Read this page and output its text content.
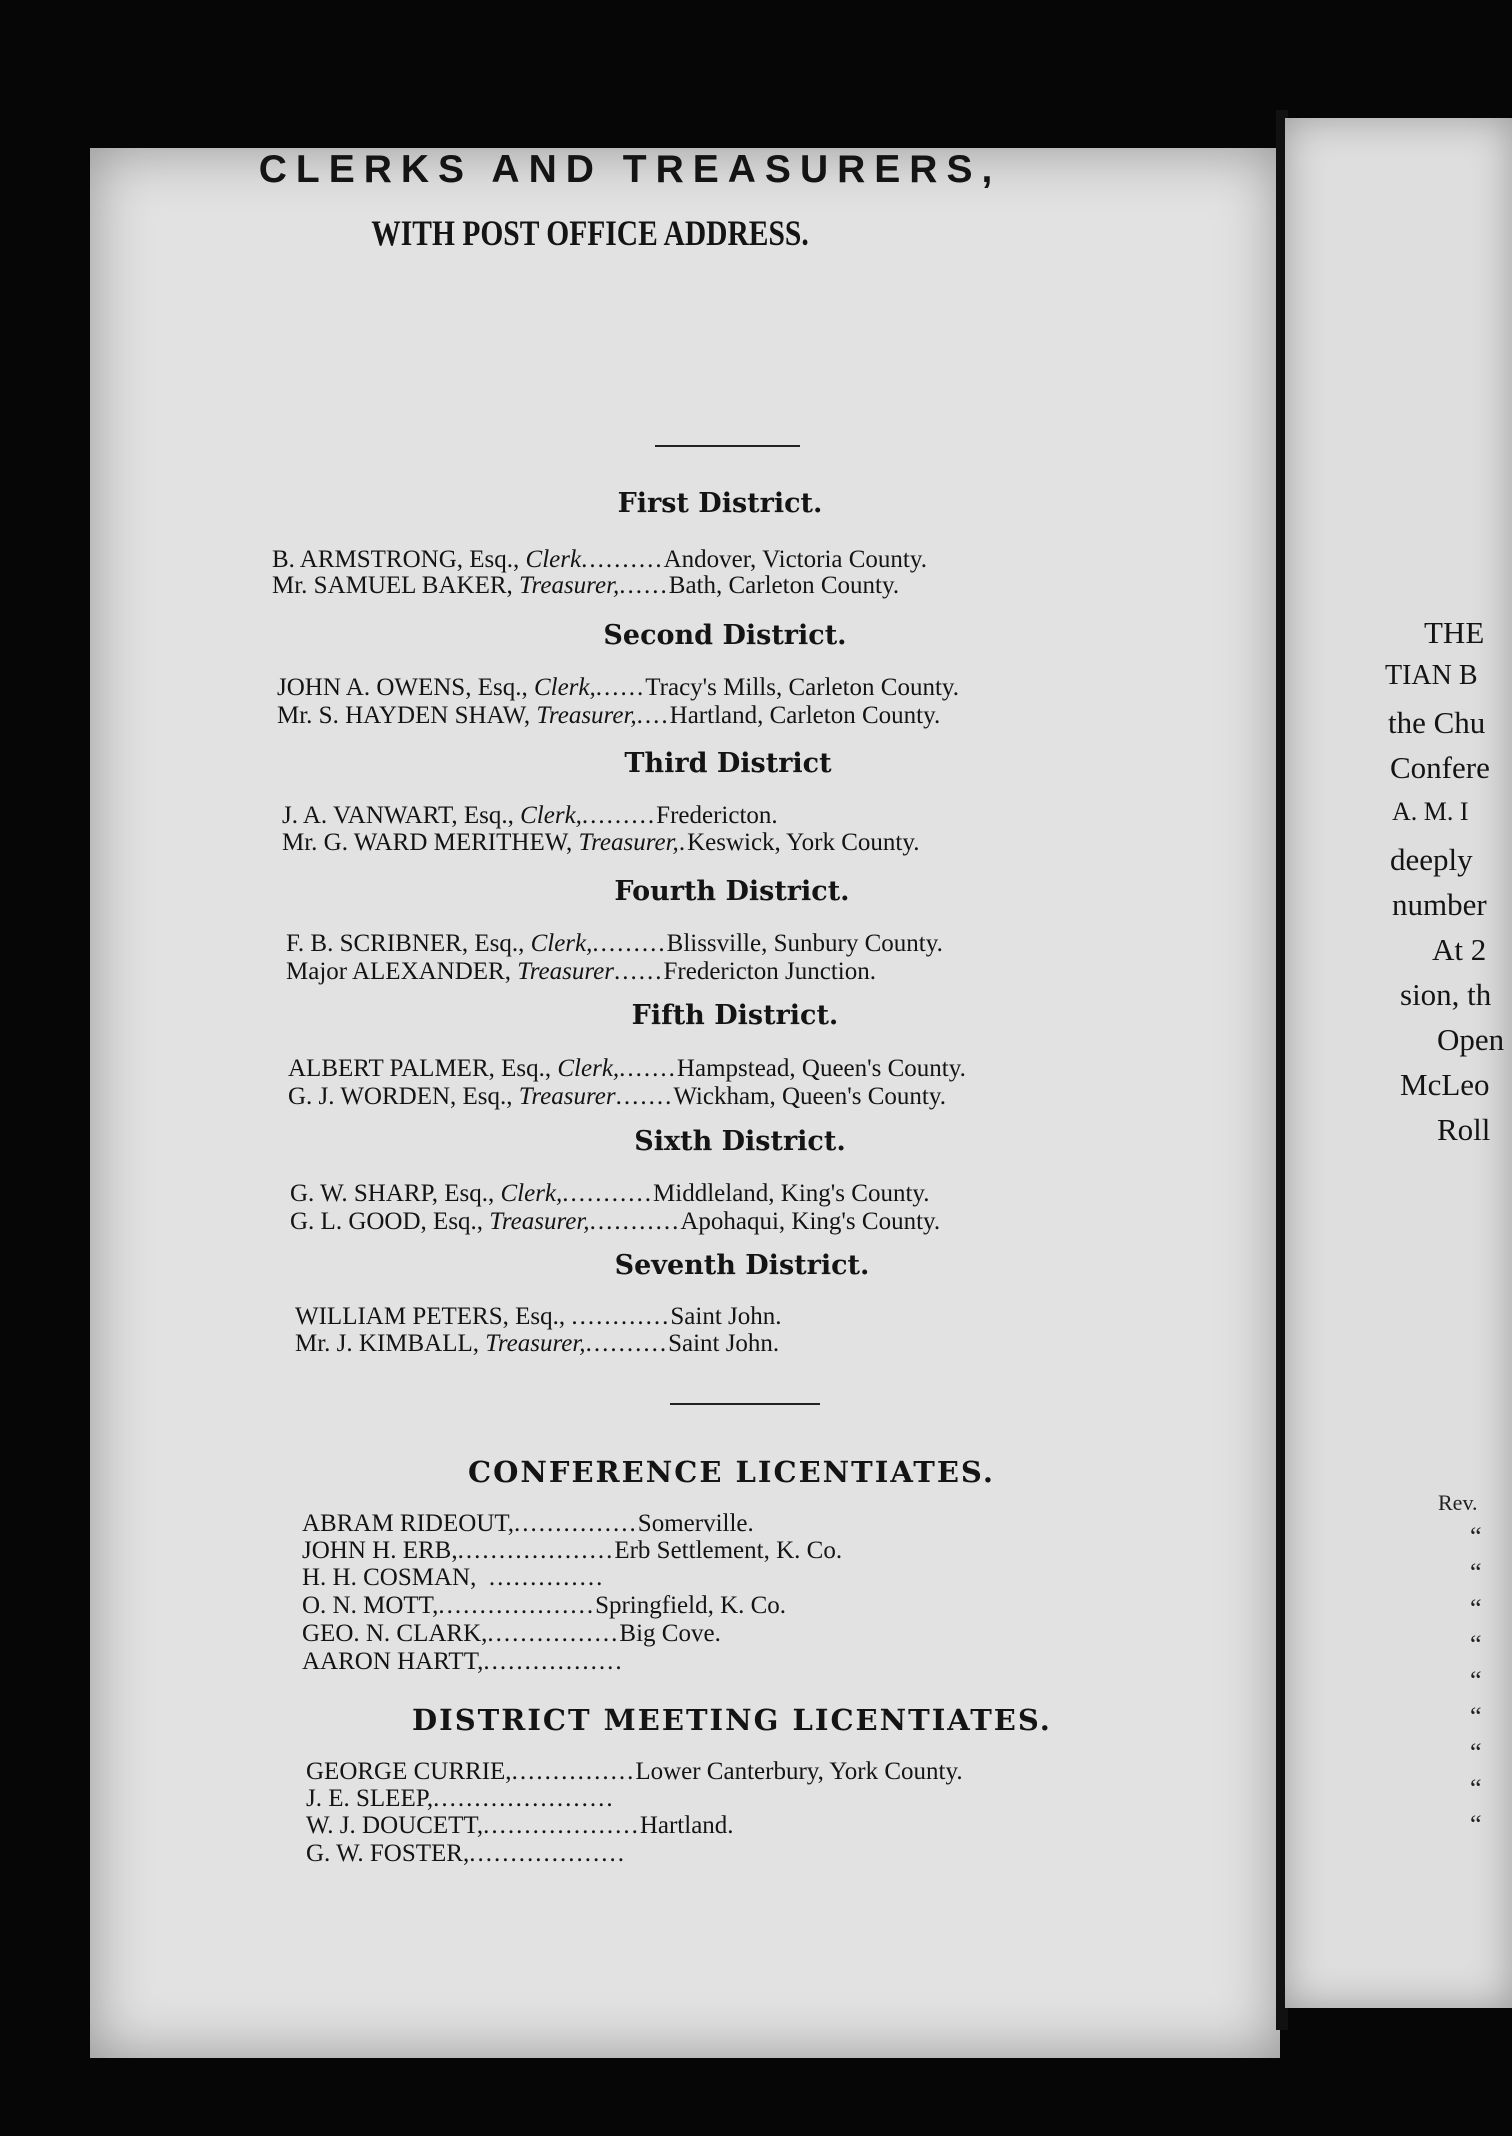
CLERKS AND TREASURERS,
WITH POST OFFICE ADDRESS.
First District.
B. ARMSTRONG, Esq., Clerk..........Andover, Victoria County.
Mr. SAMUEL BAKER, Treasurer,......Bath, Carleton County.
Second District.
JOHN A. OWENS, Esq., Clerk,......Tracy's Mills, Carleton County.
Mr. S. HAYDEN SHAW, Treasurer,....Hartland, Carleton County.
Third District
J. A. VANWART, Esq., Clerk,.........Fredericton.
Mr. G. WARD MERITHEW, Treasurer,.Keswick, York County.
Fourth District.
F. B. SCRIBNER, Esq., Clerk,.........Blissville, Sunbury County.
Major ALEXANDER, Treasurer......Fredericton Junction.
Fifth District.
ALBERT PALMER, Esq., Clerk,.......Hampstead, Queen's County.
G. J. WORDEN, Esq., Treasurer.......Wickham, Queen's County.
Sixth District.
G. W. SHARP, Esq., Clerk,...........Middleland, King's County.
G. L. GOOD, Esq., Treasurer,...........Apohaqui, King's County.
Seventh District.
WILLIAM PETERS, Esq., ............Saint John.
Mr. J. KIMBALL, Treasurer,..........Saint John.
CONFERENCE LICENTIATES.
ABRAM RIDEOUT,...............Somerville.
JOHN H. ERB,...................Erb Settlement, K. Co.
H. H. COSMAN, ..............
O. N. MOTT,...................Springfield, K. Co.
GEO. N. CLARK,................Big Cove.
AARON HARTT,.................
DISTRICT MEETING LICENTIATES.
GEORGE CURRIE,...............Lower Canterbury, York County.
J. E. SLEEP,......................
W. J. DOUCETT,...................Hartland.
G. W. FOSTER,...................
THE
TIAN B
the Chu
Confere
A. M. I
deeply
number
At 2
sion, th
Open
McLeo
Roll
Rev.
“
“
“
“
“
“
“
“
“
